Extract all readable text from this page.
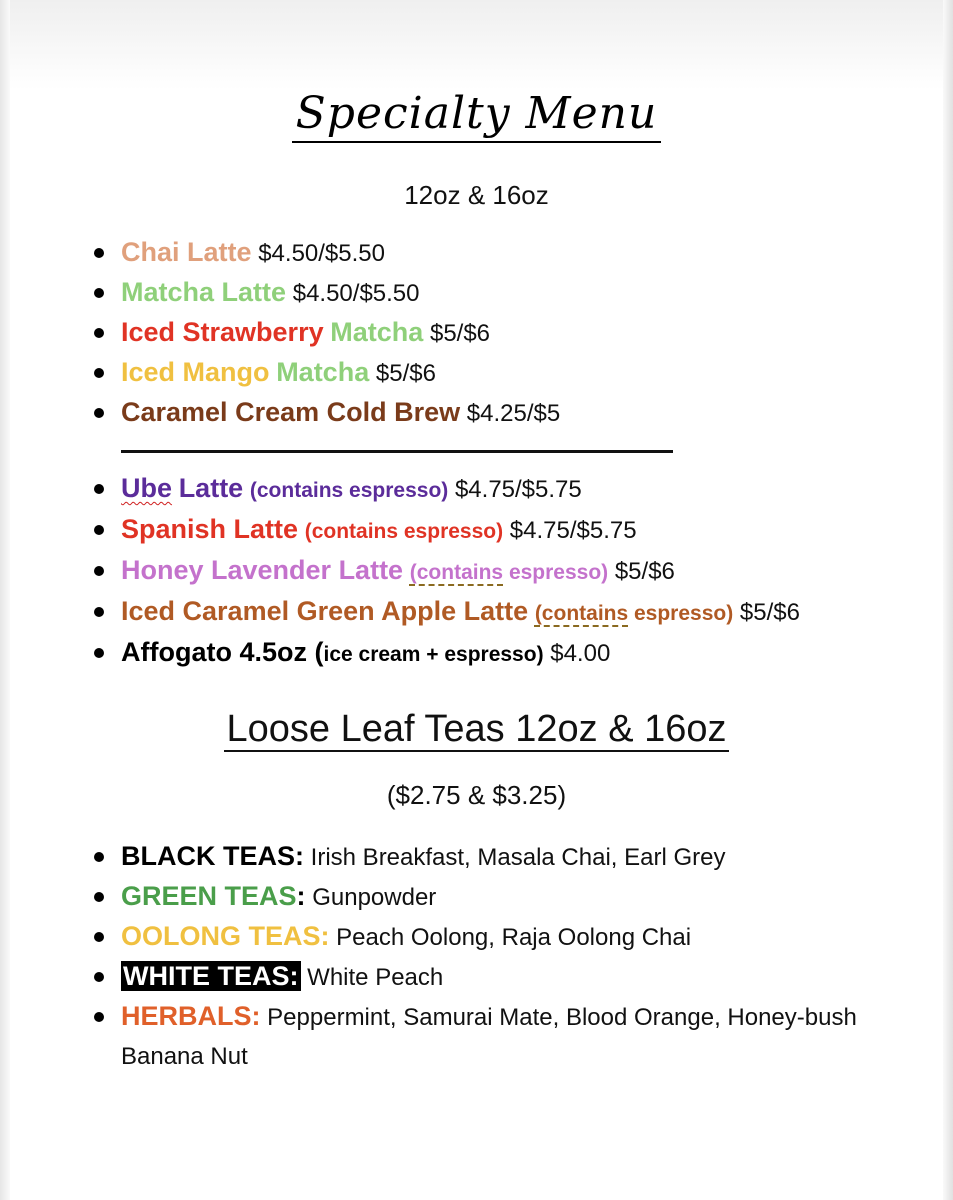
Specialty Menu
12oz & 16oz
Chai Latte $4.50/$5.50
Matcha Latte $4.50/$5.50
Iced Strawberry Matcha $5/$6
Iced Mango Matcha $5/$6
Caramel Cream Cold Brew $4.25/$5
Ube Latte (contains espresso) $4.75/$5.75
Spanish Latte (contains espresso) $4.75/$5.75
Honey Lavender Latte (contains espresso) $5/$6
Iced Caramel Green Apple Latte (contains espresso) $5/$6
Affogato 4.5oz (ice cream + espresso) $4.00
Loose Leaf Teas 12oz & 16oz
($2.75 & $3.25)
BLACK TEAS: Irish Breakfast, Masala Chai, Earl Grey
GREEN TEAS: Gunpowder
OOLONG TEAS: Peach Oolong, Raja Oolong Chai
WHITE TEAS: White Peach
HERBALS: Peppermint, Samurai Mate, Blood Orange, Honey-bush Banana Nut
